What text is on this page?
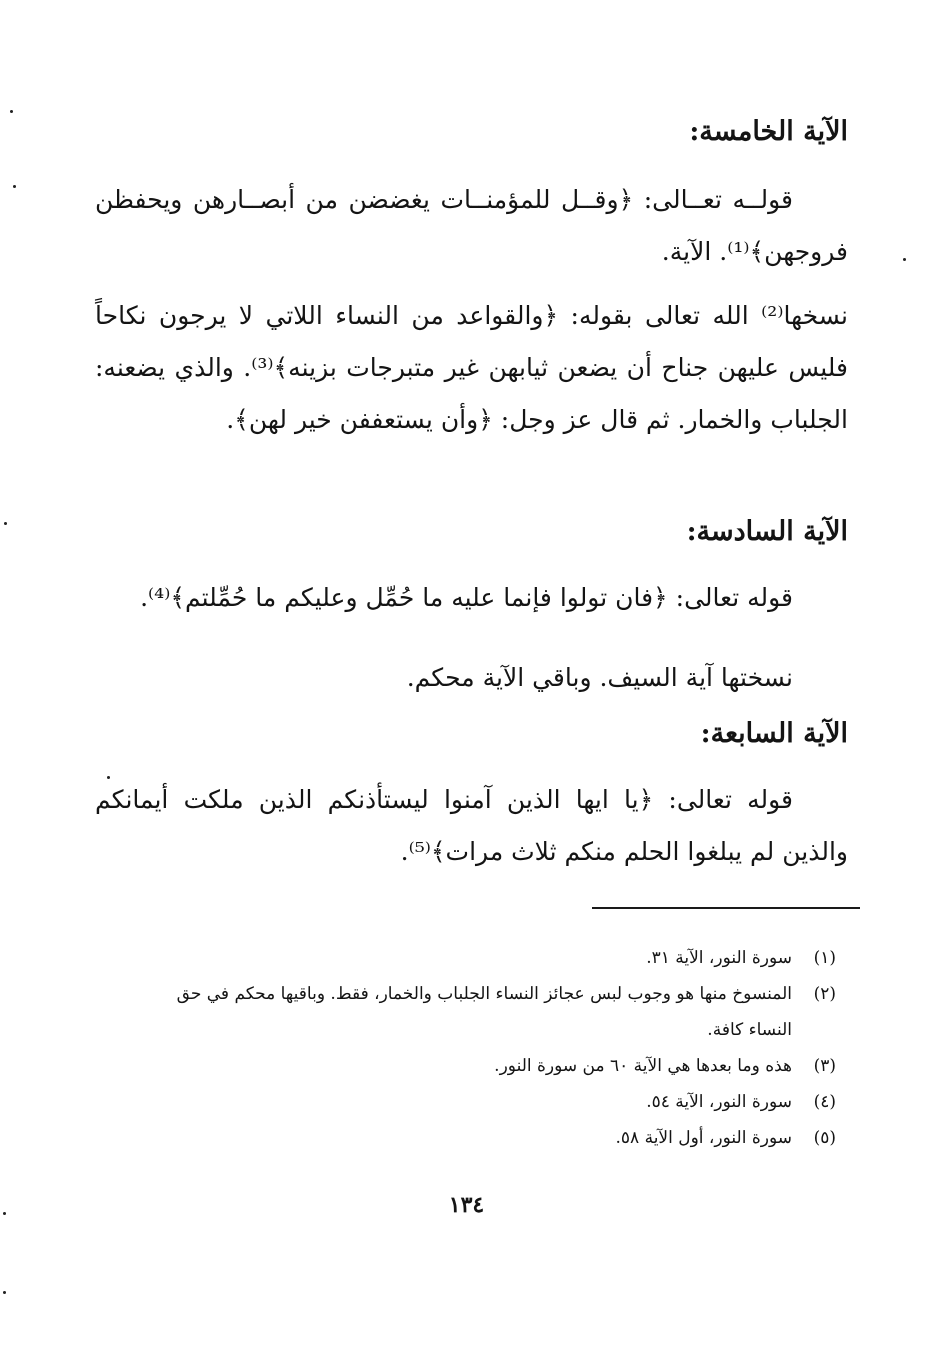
الآية الخامسة:
قولــه تعــالى: ﴿وقــل للمؤمنــات يغضضن من أبصــارهن ويحفظن فروجهن﴾⁽¹⁾. الآية.
نسخها⁽²⁾ الله تعالى بقوله: ﴿والقواعد من النساء اللاتي لا يرجون نكاحاً فليس عليهن جناح أن يضعن ثيابهن غير متبرجات بزينه﴾⁽³⁾. والذي يضعنه: الجلباب والخمار. ثم قال عز وجل: ﴿وأن يستعففن خير لهن﴾.
الآية السادسة:
قوله تعالى: ﴿فان تولوا فإنما عليه ما حُمِّل وعليكم ما حُمِّلتم﴾⁽⁴⁾.
نسختها آية السيف. وباقي الآية محكم.
الآية السابعة:
قوله تعالى: ﴿يا ايها الذين آمنوا ليستأذنكم الذين ملكت أيمانكم والذين لم يبلغوا الحلم منكم ثلاث مرات﴾⁽⁵⁾.
(١)
سورة النور، الآية ٣١.
(٢)
المنسوخ منها هو وجوب لبس عجائز النساء الجلباب والخمار، فقط. وباقيها محكم في حق النساء كافة.
(٣)
هذه وما بعدها هي الآية ٦٠ من سورة النور.
(٤)
سورة النور، الآية ٥٤.
(٥)
سورة النور، أول الآية ٥٨.
١٣٤
